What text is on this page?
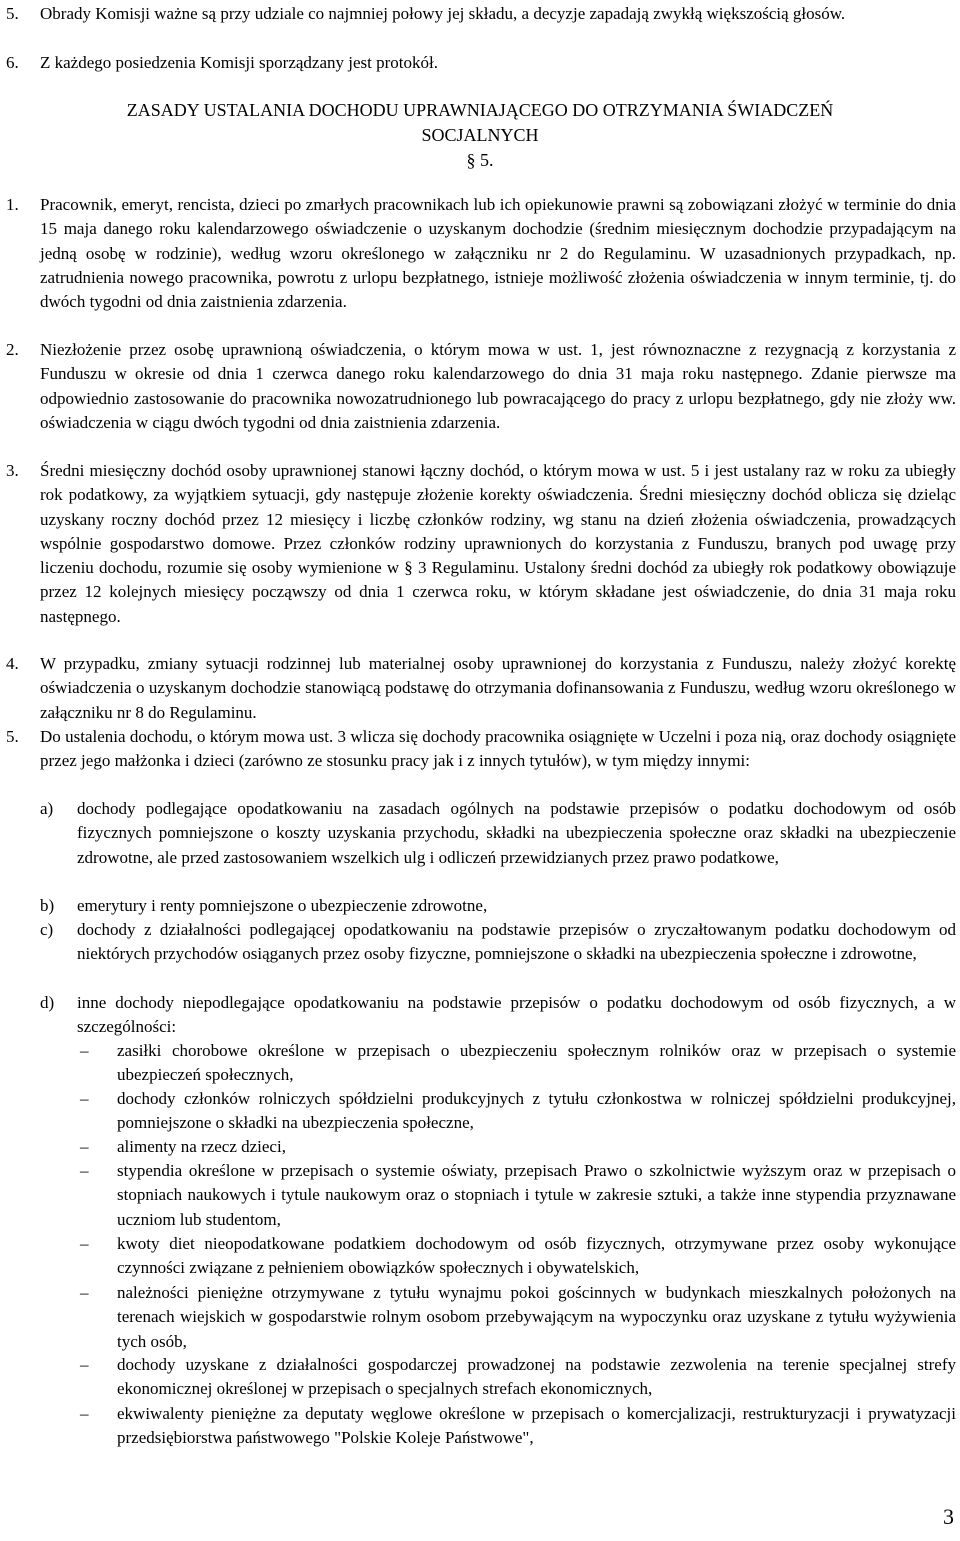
5. Obrady Komisji ważne są przy udziale co najmniej połowy jej składu, a decyzje zapadają zwykłą większością głosów.
6. Z każdego posiedzenia Komisji sporządzany jest protokół.
ZASADY USTALANIA DOCHODU UPRAWNIAJĄCEGO DO OTRZYMANIA ŚWIADCZEŃ
SOCJALNYCH
§ 5.
1. Pracownik, emeryt, rencista, dzieci po zmarłych pracownikach lub ich opiekunowie prawni są zobowiązani złożyć w terminie do dnia 15 maja danego roku kalendarzowego oświadczenie o uzyskanym dochodzie (średnim miesięcznym dochodzie przypadającym na jedną osobę w rodzinie), według wzoru określonego w załączniku nr 2 do Regulaminu. W uzasadnionych przypadkach, np. zatrudnienia nowego pracownika, powrotu z urlopu bezpłatnego, istnieje możliwość złożenia oświadczenia w innym terminie, tj. do dwóch tygodni od dnia zaistnienia zdarzenia.
2. Niezłożenie przez osobę uprawnioną oświadczenia, o którym mowa w ust. 1, jest równoznaczne z rezygnacją z korzystania z Funduszu w okresie od dnia 1 czerwca danego roku kalendarzowego do dnia 31 maja roku następnego. Zdanie pierwsze ma odpowiednio zastosowanie do pracownika nowozatrudnionego lub powracającego do pracy z urlopu bezpłatnego, gdy nie złoży ww. oświadczenia w ciągu dwóch tygodni od dnia zaistnienia zdarzenia.
3. Średni miesięczny dochód osoby uprawnionej stanowi łączny dochód, o którym mowa w ust. 5 i jest ustalany raz w roku za ubiegły rok podatkowy, za wyjątkiem sytuacji, gdy następuje złożenie korekty oświadczenia. Średni miesięczny dochód oblicza się dzieląc uzyskany roczny dochód przez 12 miesięcy i liczbę członków rodziny, wg stanu na dzień złożenia oświadczenia, prowadzących wspólnie gospodarstwo domowe. Przez członków rodziny uprawnionych do korzystania z Funduszu, branych pod uwagę przy liczeniu dochodu, rozumie się osoby wymienione w § 3 Regulaminu. Ustalony średni dochód za ubiegły rok podatkowy obowiązuje przez 12 kolejnych miesięcy począwszy od dnia 1 czerwca roku, w którym składane jest oświadczenie, do dnia 31 maja roku następnego.
4. W przypadku, zmiany sytuacji rodzinnej lub materialnej osoby uprawnionej do korzystania z Funduszu, należy złożyć korektę oświadczenia o uzyskanym dochodzie stanowiącą podstawę do otrzymania dofinansowania z Funduszu, według wzoru określonego w załączniku nr 8 do Regulaminu.
5. Do ustalenia dochodu, o którym mowa ust. 3 wlicza się dochody pracownika osiągnięte w Uczelni i poza nią, oraz dochody osiągnięte przez jego małżonka i dzieci (zarówno ze stosunku pracy jak i z innych tytułów), w tym między innymi:
a) dochody podlegające opodatkowaniu na zasadach ogólnych na podstawie przepisów o podatku dochodowym od osób fizycznych pomniejszone o koszty uzyskania przychodu, składki na ubezpieczenia społeczne oraz składki na ubezpieczenie zdrowotne, ale przed zastosowaniem wszelkich ulg i odliczeń przewidzianych przez prawo podatkowe,
b) emerytury i renty pomniejszone o ubezpieczenie zdrowotne,
c) dochody z działalności podlegającej opodatkowaniu na podstawie przepisów o zryczałtowanym podatku dochodowym od niektórych przychodów osiąganych przez osoby fizyczne, pomniejszone o składki na ubezpieczenia społeczne i zdrowotne,
d) inne dochody niepodlegające opodatkowaniu na podstawie przepisów o podatku dochodowym od osób fizycznych, a w szczególności:
–	zasiłki chorobowe określone w przepisach o ubezpieczeniu społecznym rolników oraz w przepisach o systemie ubezpieczeń społecznych,
–	dochody członków rolniczych spółdzielni produkcyjnych z tytułu członkostwa w rolniczej spółdzielni produkcyjnej, pomniejszone o składki na ubezpieczenia społeczne,
–	alimenty na rzecz dzieci,
–	stypendia określone w przepisach o systemie oświaty, przepisach Prawo o szkolnictwie wyższym oraz w przepisach o stopniach naukowych i tytule naukowym oraz o stopniach i tytule w zakresie sztuki, a także inne stypendia przyznawane uczniom lub studentom,
–	kwoty diet nieopodatkowane podatkiem dochodowym od osób fizycznych, otrzymywane przez osoby wykonujące czynności związane z pełnieniem obowiązków społecznych i obywatelskich,
–	należności pieniężne otrzymywane z tytułu wynajmu pokoi gościnnych w budynkach mieszkalnych położonych na terenach wiejskich w gospodarstwie rolnym osobom przebywającym na wypoczynku oraz uzyskane z tytułu wyżywienia tych osób,
–	dochody uzyskane z działalności gospodarczej prowadzonej na podstawie zezwolenia na terenie specjalnej strefy ekonomicznej określonej w przepisach o specjalnych strefach ekonomicznych,
–	ekwiwalenty pieniężne za deputaty węglowe określone w przepisach o komercjalizacji, restrukturyzacji i prywatyzacji przedsiębiorstwa państwowego "Polskie Koleje Państwowe",
3
